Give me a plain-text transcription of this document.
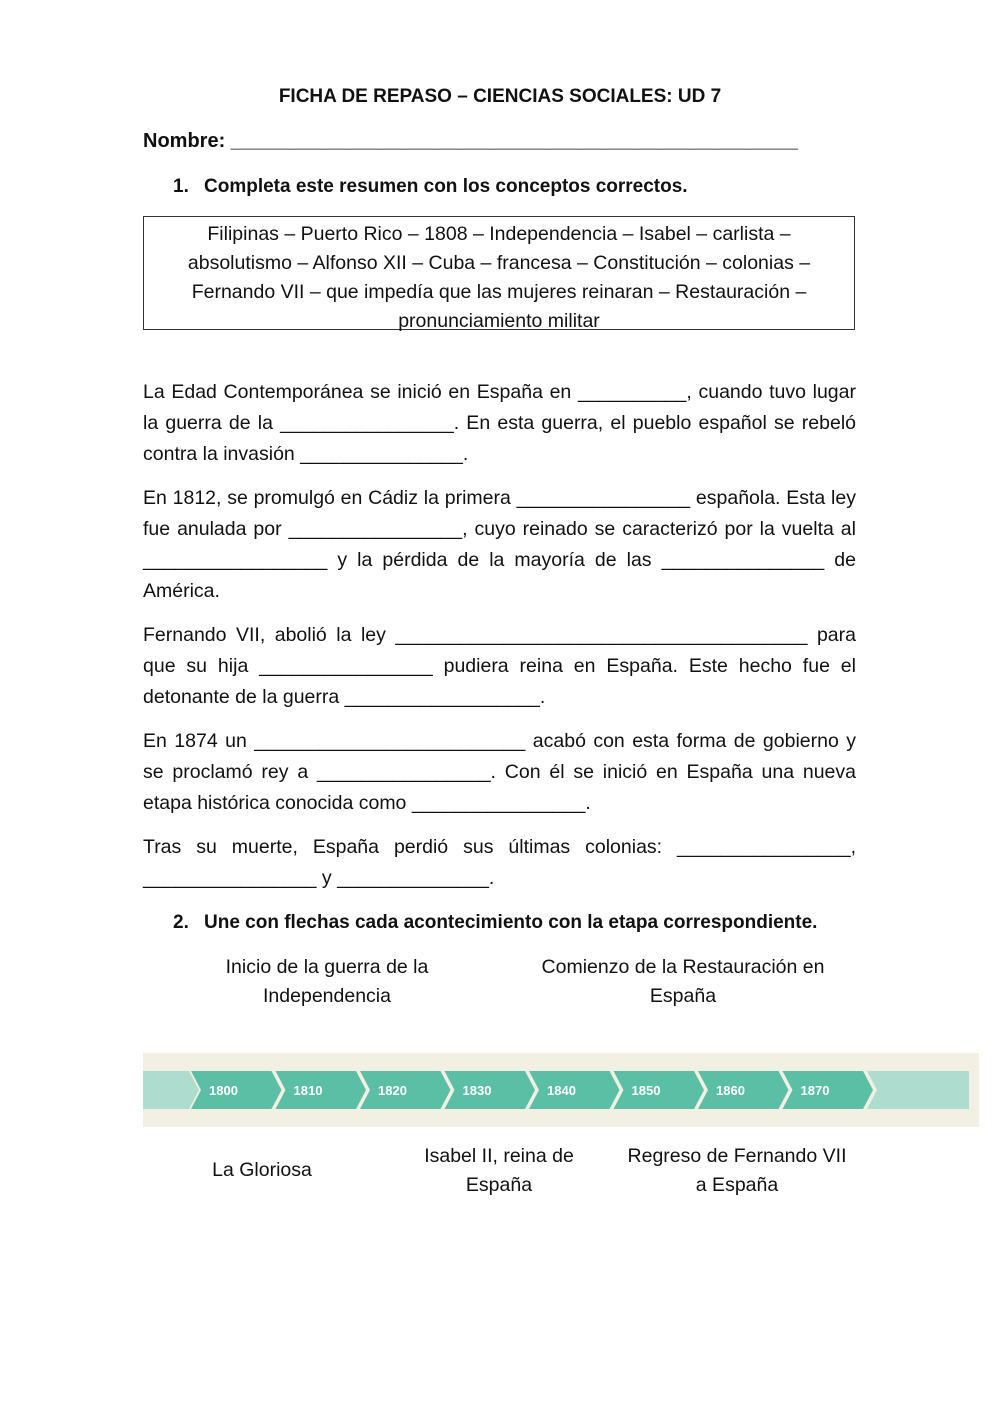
FICHA DE REPASO – CIENCIAS SOCIALES: UD 7
Nombre: ___________________________________________________
1. Completa este resumen con los conceptos correctos.
Filipinas – Puerto Rico – 1808 – Independencia – Isabel – carlista –
absolutismo – Alfonso XII – Cuba – francesa – Constitución – colonias –
Fernando VII – que impedía que las mujeres reinaran – Restauración –
pronunciamiento militar
La Edad Contemporánea se inició en España en __________, cuando tuvo lugar la guerra de la ________________. En esta guerra, el pueblo español se rebeló contra la invasión _______________.
En 1812, se promulgó en Cádiz la primera ________________ española. Esta ley fue anulada por ________________, cuyo reinado se caracterizó por la vuelta al _________________ y la pérdida de la mayoría de las _______________ de América.
Fernando VII, abolió la ley ______________________________________ para que su hija ________________ pudiera reina en España. Este hecho fue el detonante de la guerra __________________.
En 1874 un _________________________ acabó con esta forma de gobierno y se proclamó rey a ________________. Con él se inició en España una nueva etapa histórica conocida como ________________.
Tras su muerte, España perdió sus últimas colonias: ________________, ________________ y ______________.
2. Une con flechas cada acontecimiento con la etapa correspondiente.
Inicio de la guerra de la Independencia
Comienzo de la Restauración en España
1800	1810	1820	1830	1840	1850	1860	1870
La Gloriosa
Isabel II, reina de España
Regreso de Fernando VII a España
